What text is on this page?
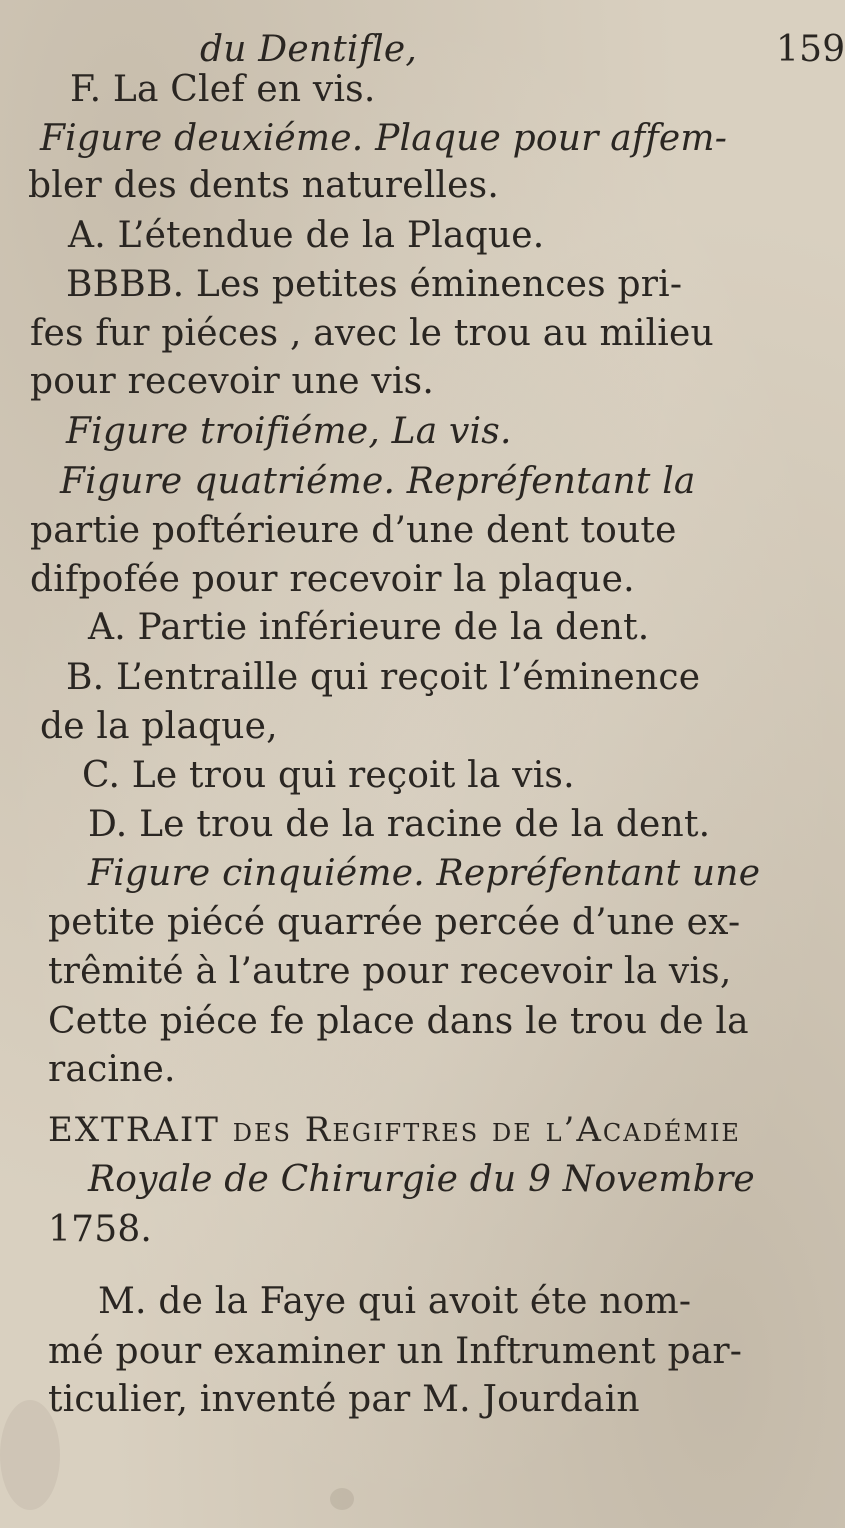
du Dentifle,	159
F. La Clef en vis.
Figure deuxiéme. Plaque pour affem-
bler des dents naturelles.
A. L’étendue de la Plaque.
BBBB. Les petites éminences pri-
fes fur piéces , avec le trou au milieu
pour recevoir une vis.
Figure troifiéme, La vis.
Figure quatriéme. Repréfentant la
partie poftérieure d’une dent toute
difpofée pour recevoir la plaque.
A. Partie inférieure de la dent.
B. L’entraille qui reçoit l’éminence
de la plaque,
C. Le trou qui reçoit la vis.
D. Le trou de la racine de la dent.
Figure cinquiéme. Repréfentant une
petite piécé quarrée percée d’une ex-
trêmité à l’autre pour recevoir la vis,
Cette piéce fe place dans le trou de la
racine.
EXTRAIT des Regiftres de l’Académie
Royale de Chirurgie du 9 Novembre
1758.
M. de la Faye qui avoit éte nom-
mé pour examiner un Inftrument par-
ticulier, inventé par M. Jourdain
